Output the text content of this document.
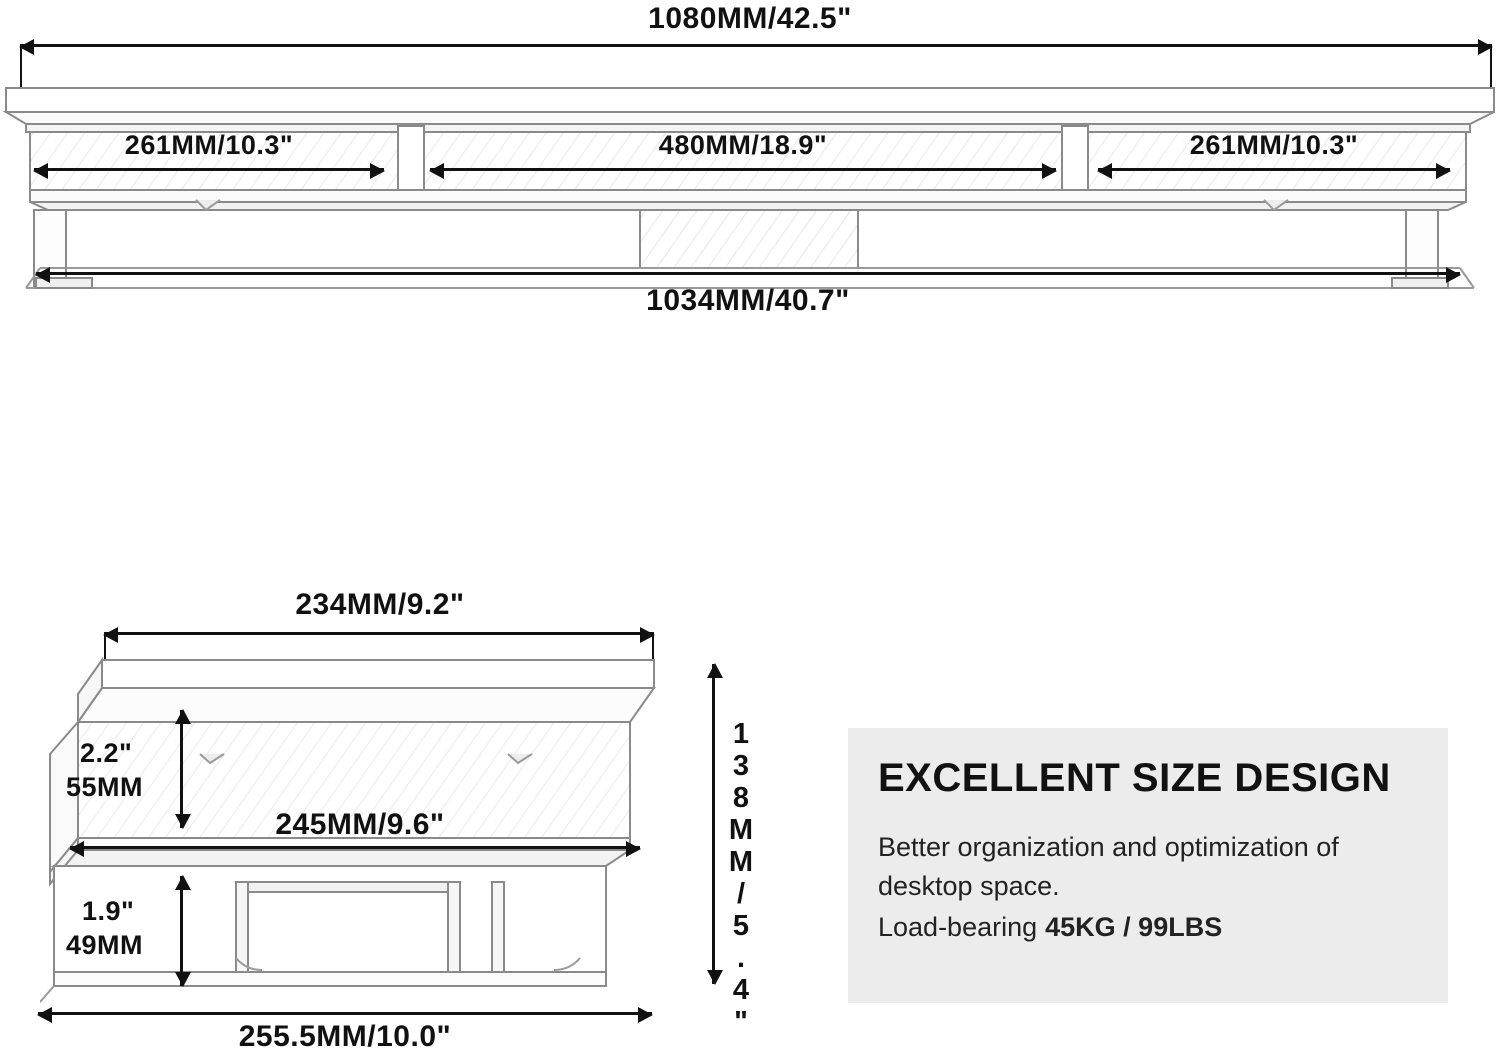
1080MM/42.5"
261MM/10.3"	480MM/18.9"	261MM/10.3"
1034MM/40.7"
234MM/9.2"
2.2"
55MM
245MM/9.6"
1.9"
49MM	138MM/5.4"
255.5MM/10.0"
EXCELLENT SIZE DESIGN
Better organization and optimization of
desktop space.
Load-bearing 45KG / 99LBS
